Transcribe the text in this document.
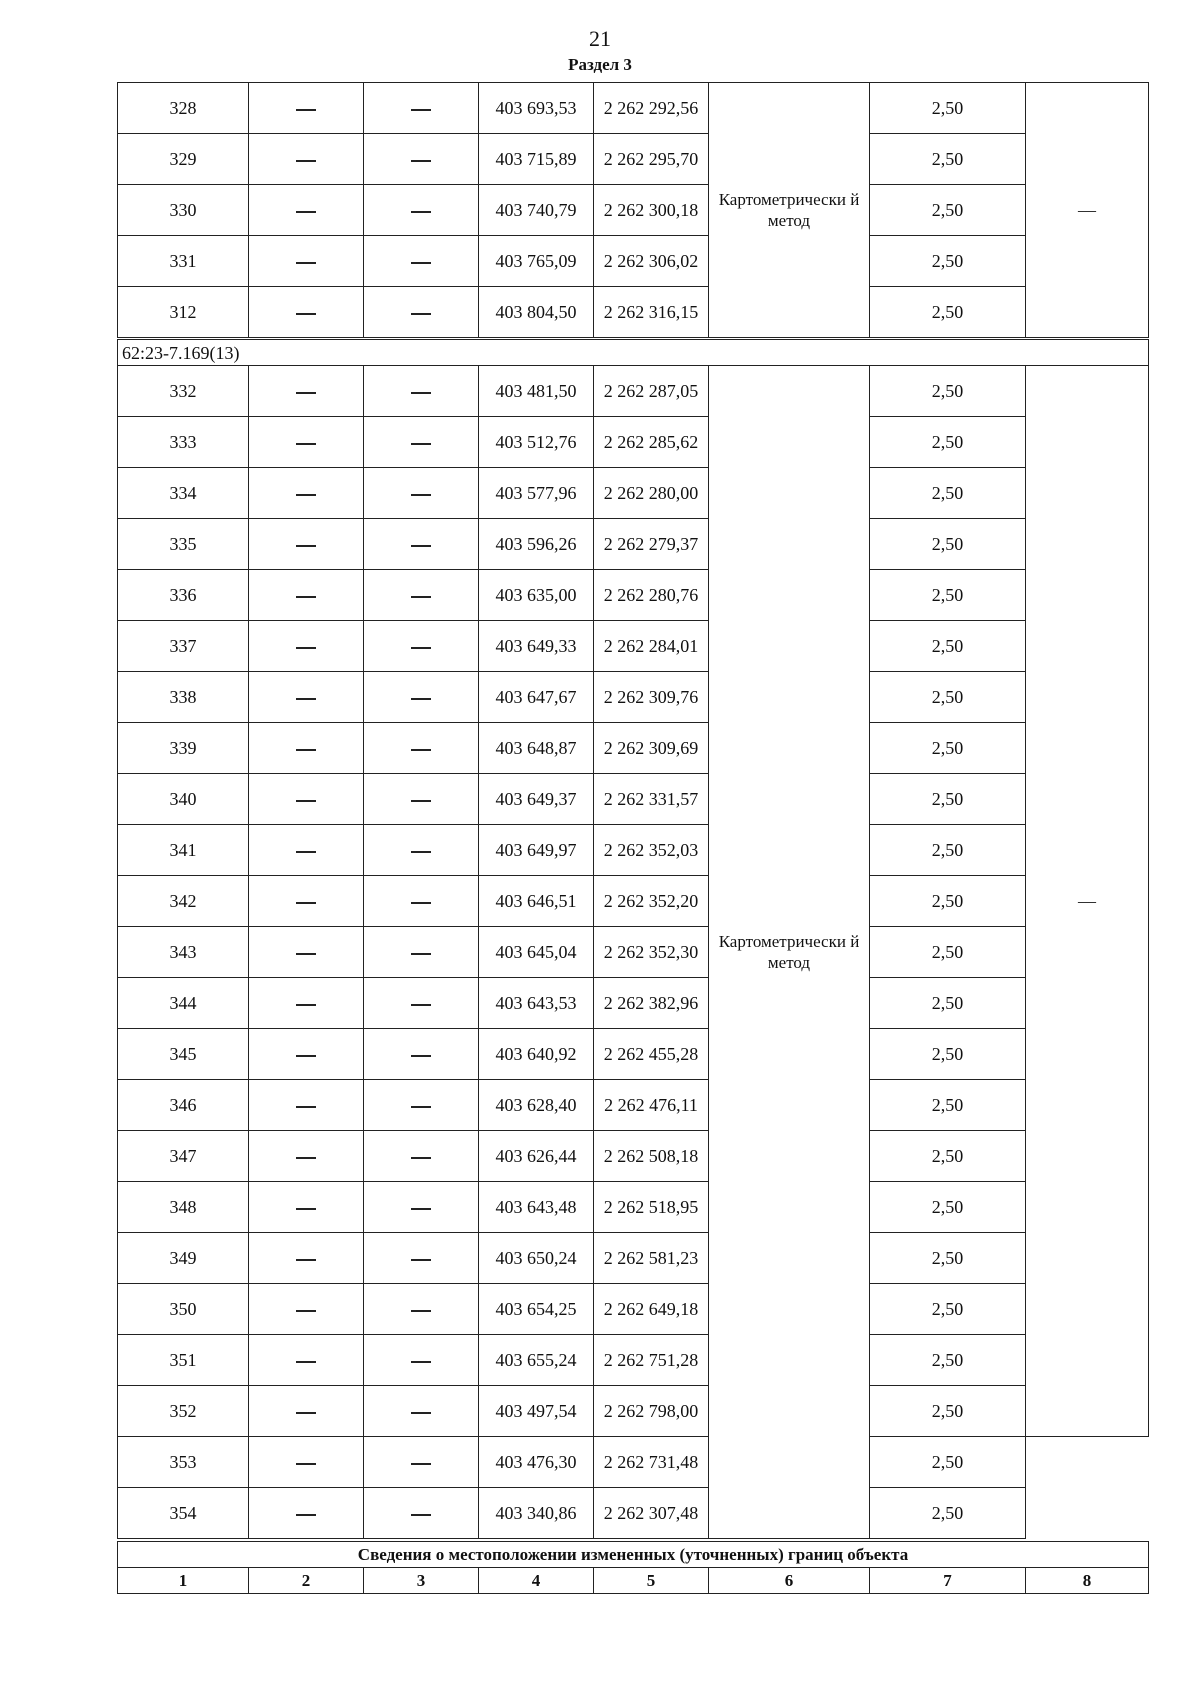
21
Раздел 3
328			403 693,53	2 262 292,56	Картометрически й метод	2,50	—
329			403 715,89	2 262 295,70		2,50	
330			403 740,79	2 262 300,18		2,50	
331			403 765,09	2 262 306,02		2,50	
312			403 804,50	2 262 316,15		2,50	
62:23-7.169(13)							
332			403 481,50	2 262 287,05	Картометрически й метод	2,50	—
333			403 512,76	2 262 285,62		2,50	
334			403 577,96	2 262 280,00		2,50	
335			403 596,26	2 262 279,37		2,50	
336			403 635,00	2 262 280,76		2,50	
337			403 649,33	2 262 284,01		2,50	
338			403 647,67	2 262 309,76		2,50	
339			403 648,87	2 262 309,69		2,50	
340			403 649,37	2 262 331,57		2,50	
341			403 649,97	2 262 352,03		2,50	
342			403 646,51	2 262 352,20		2,50	
343			403 645,04	2 262 352,30		2,50	
344			403 643,53	2 262 382,96		2,50	
345			403 640,92	2 262 455,28		2,50	
346			403 628,40	2 262 476,11		2,50	
347			403 626,44	2 262 508,18		2,50	
348			403 643,48	2 262 518,95		2,50	
349			403 650,24	2 262 581,23		2,50	
350			403 654,25	2 262 649,18		2,50	
351			403 655,24	2 262 751,28		2,50	
352			403 497,54	2 262 798,00		2,50	
353			403 476,30	2 262 731,48		2,50	
354			403 340,86	2 262 307,48		2,50	
Сведения о местоположении измененных (уточненных) границ объекта
1	2	3	4	5	6	7	8
